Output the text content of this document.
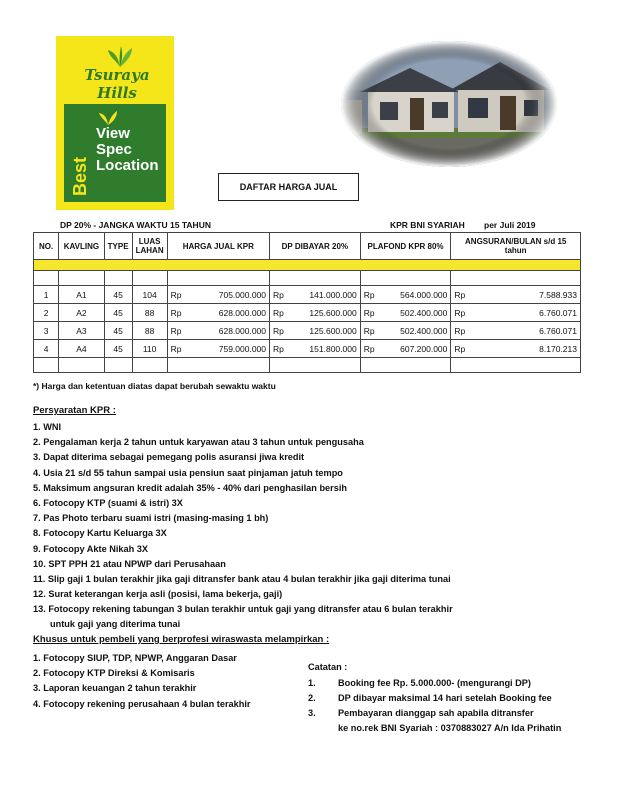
Tsuraya Hills
Best
View
Spec
Location
DAFTAR HARGA JUAL
DP 20% - JANGKA WAKTU 15 TAHUN	KPR BNI SYARIAH per Juli 2019
NO.	KAVLING	TYPE	LUAS LAHAN	HARGA JUAL KPR		DP DIBAYAR 20%		PLAFOND KPR 80%		ANGSURAN/BULAN s/d 15 tahun	

1	A1	45	104	Rp	705.000.000	Rp	141.000.000	Rp	564.000.000	Rp	7.588.933
2	A2	45	88	Rp	628.000.000	Rp	125.600.000	Rp	502.400.000	Rp	6.760.071
3	A3	45	88	Rp	628.000.000	Rp	125.600.000	Rp	502.400.000	Rp	6.760.071
4	A4	45	110	Rp	759.000.000	Rp	151.800.000	Rp	607.200.000	Rp	8.170.213

*) Harga dan ketentuan diatas dapat berubah sewaktu waktu
Persyaratan KPR :
1. WNI
2. Pengalaman kerja 2 tahun untuk karyawan atau 3 tahun untuk pengusaha
3. Dapat diterima sebagai pemegang polis asuransi jiwa kredit
4. Usia 21 s/d 55 tahun sampai usia pensiun saat pinjaman jatuh tempo
5. Maksimum angsuran kredit adalah 35% - 40% dari penghasilan bersih
6. Fotocopy KTP (suami & istri) 3X
7. Pas Photo terbaru suami istri (masing-masing 1 bh)
8. Fotocopy Kartu Keluarga 3X
9. Fotocopy Akte Nikah 3X
10. SPT PPH 21 atau NPWP dari Perusahaan
11. Slip gaji 1 bulan terakhir jika gaji ditransfer bank atau 4 bulan terakhir jika gaji diterima tunai
12. Surat keterangan kerja asli (posisi, lama bekerja, gaji)
13. Fotocopy rekening tabungan 3 bulan terakhir untuk gaji yang ditransfer atau 6 bulan terakhir
untuk gaji yang diterima tunai
Khusus untuk pembeli yang berprofesi wiraswasta melampirkan :
1. Fotocopy SIUP, TDP, NPWP, Anggaran Dasar
2. Fotocopy KTP Direksi & Komisaris
3. Laporan keuangan 2 tahun terakhir
4. Fotocopy rekening perusahaan 4 bulan terakhir
Catatan :
1.	Booking fee Rp. 5.000.000- (mengurangi DP)
2.	DP dibayar maksimal 14 hari setelah Booking fee
3.	Pembayaran dianggap sah apabila ditransfer
ke no.rek BNI Syariah : 0370883027 A/n Ida Prihatin
